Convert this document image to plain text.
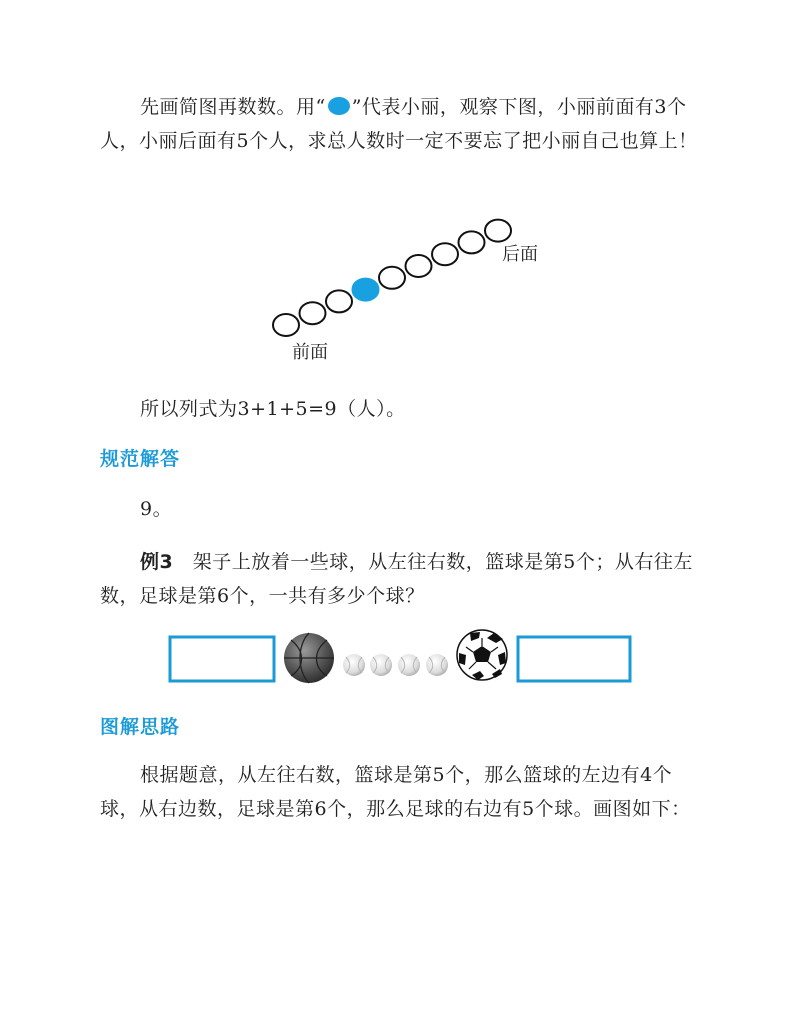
先画简图再数数。用“ ”代表小丽，观察下图，小丽前面有3个人，小丽后面有5个人，求总人数时一定不要忘了把小丽自己也算上！

后面
前面

所以列式为3+1+5=9（人）。

规范解答

9。

例3　架子上放着一些球，从左往右数，篮球是第5个；从右往左数，足球是第6个，一共有多少个球？

图解思路

根据题意，从左往右数，篮球是第5个，那么篮球的左边有4个球，从右边数，足球是第6个，那么足球的右边有5个球。画图如下：
